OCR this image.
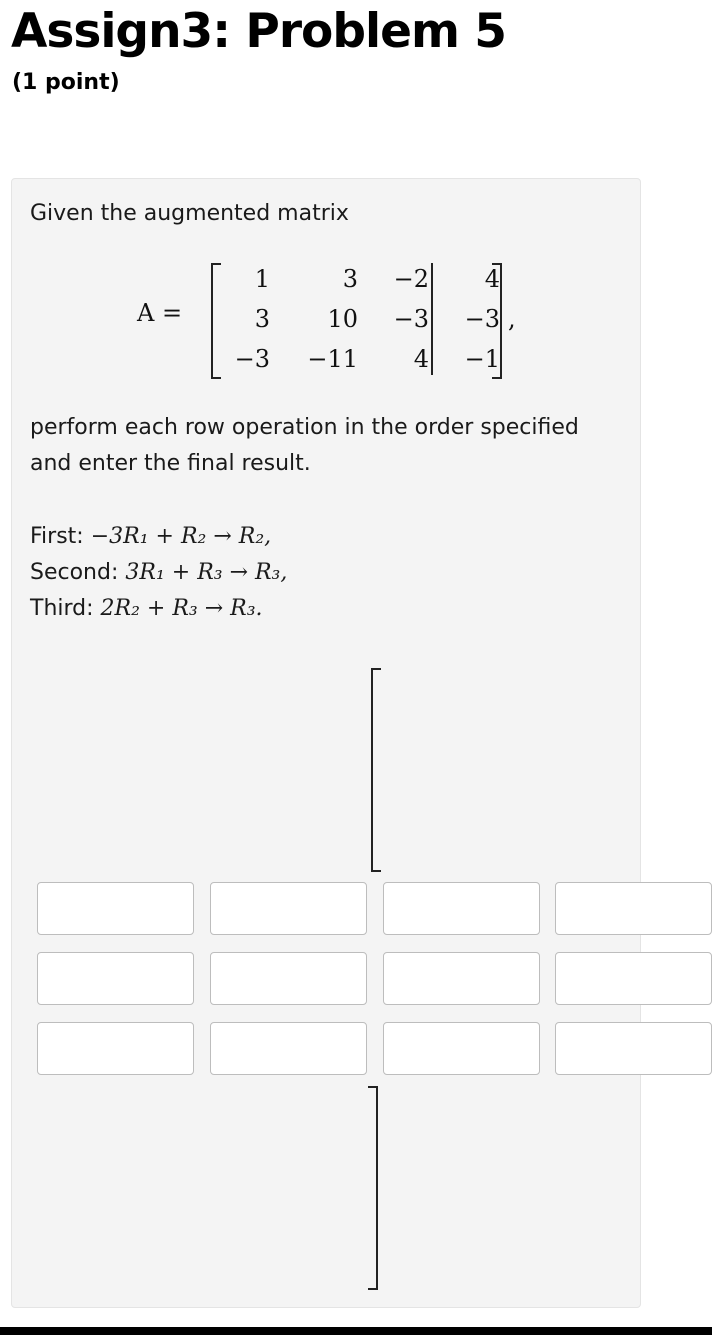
Assign3: Problem 5
(1 point)
Given the augmented matrix
A =
1	3	−2	4
3	10	−3	−3
−3	−11	4	−1
,
perform each row operation in the order specified
and enter the final result.
First: −3R₁ + R₂ → R₂,
Second: 3R₁ + R₃ → R₃,
Third: 2R₂ + R₃ → R₃.
